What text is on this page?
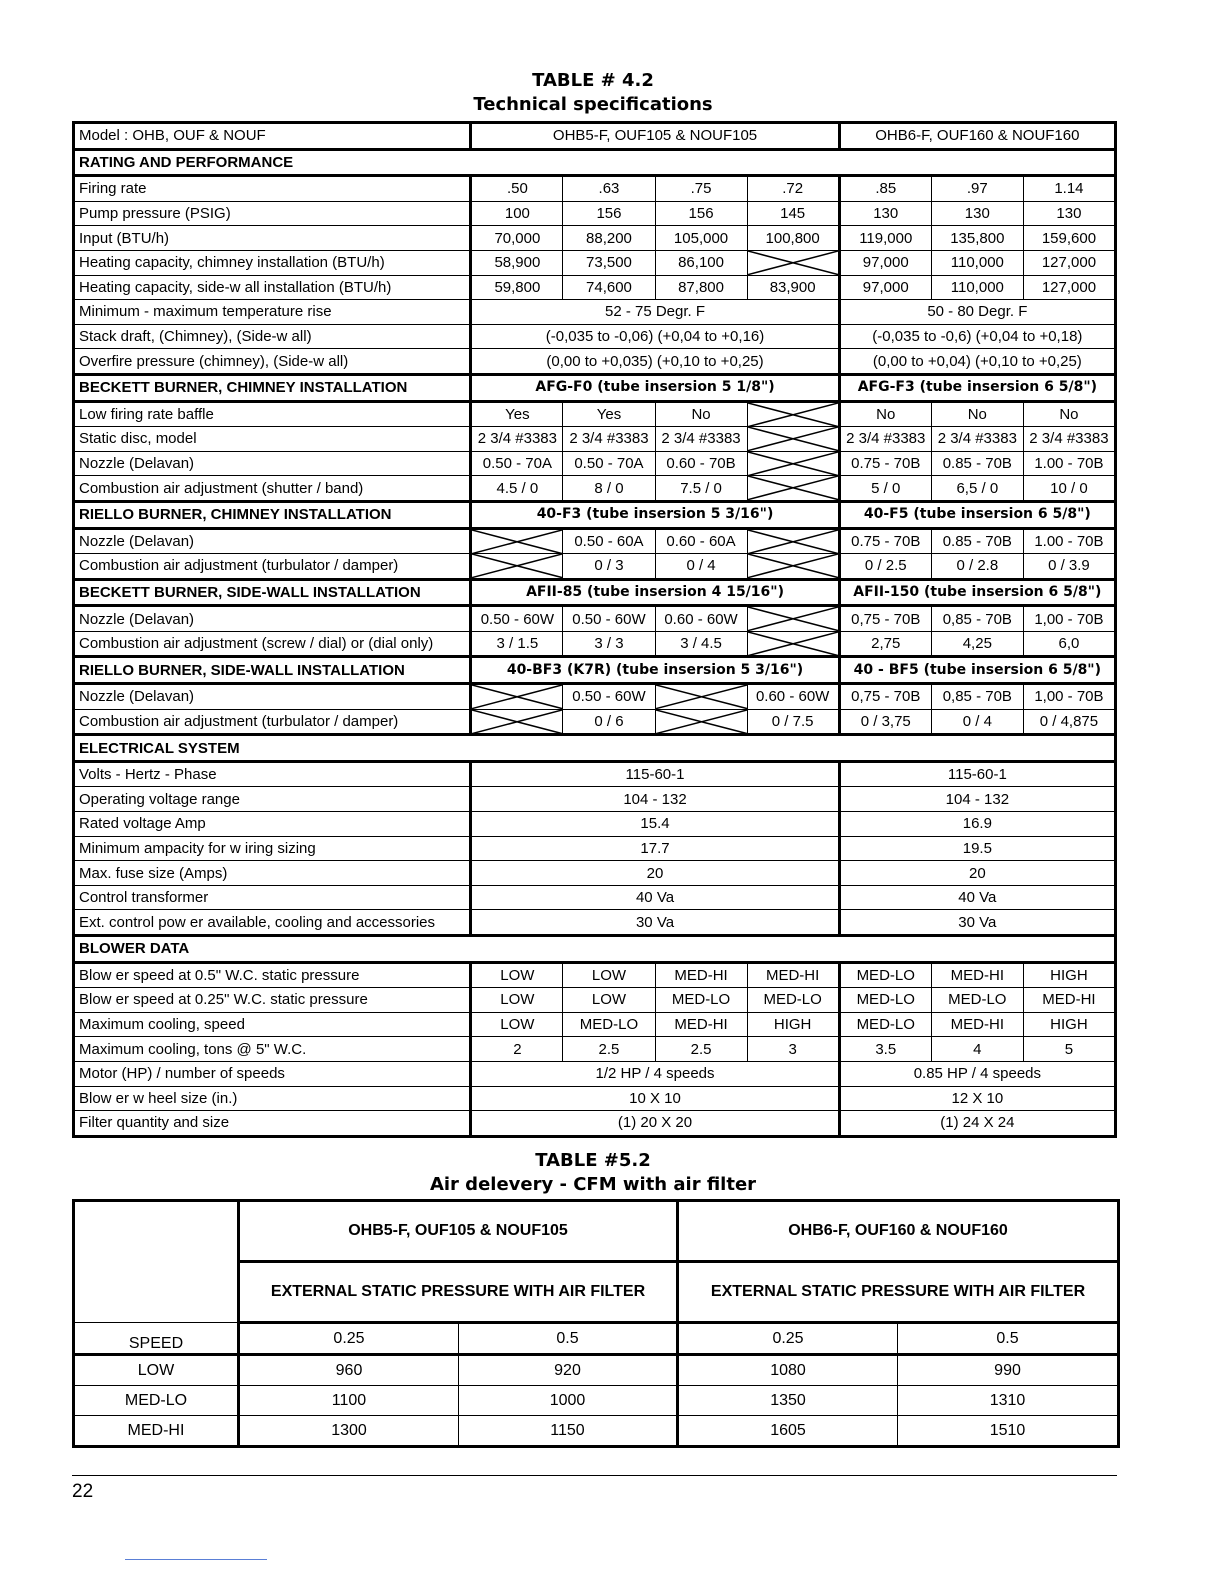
TABLE # 4.2
Technical specifications
Model : OHB, OUF & NOUF	OHB5-F, OUF105 & NOUF105				OHB6-F, OUF160 & NOUF160		
RATING AND PERFORMANCE							
Firing rate	.50	.63	.75	.72	.85	.97	1.14
Pump pressure (PSIG)	100	156	156	145	130	130	130
Input (BTU/h)	70,000	88,200	105,000	100,800	119,000	135,800	159,600
Heating capacity, chimney installation (BTU/h)	58,900	73,500	86,100		97,000	110,000	127,000
Heating capacity, side-w all installation (BTU/h)	59,800	74,600	87,800	83,900	97,000	110,000	127,000
Minimum - maximum temperature rise	52 - 75 Degr. F				50 - 80 Degr. F		
Stack draft, (Chimney), (Side-w all)	(-0,035 to -0,06) (+0,04 to +0,16)				(-0,035 to -0,6) (+0,04 to +0,18)		
Overfire pressure (chimney), (Side-w all)	(0,00 to +0,035) (+0,10 to +0,25)				(0,00 to +0,04) (+0,10 to +0,25)		
BECKETT BURNER, CHIMNEY INSTALLATION	AFG-F0 (tube insersion 5 1/8")				AFG-F3 (tube insersion 6 5/8")		
Low firing rate baffle	Yes	Yes	No		No	No	No
Static disc, model	2 3/4 #3383	2 3/4 #3383	2 3/4 #3383		2 3/4 #3383	2 3/4 #3383	2 3/4 #3383
Nozzle (Delavan)	0.50 - 70A	0.50 - 70A	0.60 - 70B		0.75 - 70B	0.85 - 70B	1.00 - 70B
Combustion air adjustment (shutter / band)	4.5 / 0	8 / 0	7.5 / 0		5 / 0	6,5 / 0	10 / 0
RIELLO BURNER, CHIMNEY INSTALLATION	40-F3 (tube insersion 5 3/16")				40-F5 (tube insersion 6 5/8")		
Nozzle (Delavan)		0.50 - 60A	0.60 - 60A		0.75 - 70B	0.85 - 70B	1.00 - 70B
Combustion air adjustment (turbulator / damper)		0 / 3	0 / 4		0 / 2.5	0 / 2.8	0 / 3.9
BECKETT BURNER, SIDE-WALL INSTALLATION	AFII-85 (tube insersion 4 15/16")				AFII-150 (tube insersion 6 5/8")		
Nozzle (Delavan)	0.50 - 60W	0.50 - 60W	0.60 - 60W		0,75 - 70B	0,85 - 70B	1,00 - 70B
Combustion air adjustment (screw / dial) or (dial only)	3 / 1.5	3 / 3	3 / 4.5		2,75	4,25	6,0
RIELLO BURNER, SIDE-WALL INSTALLATION	40-BF3 (K7R) (tube insersion 5 3/16")				40 - BF5 (tube insersion 6 5/8")		
Nozzle (Delavan)		0.50 - 60W		0.60 - 60W	0,75 - 70B	0,85 - 70B	1,00 - 70B
Combustion air adjustment (turbulator / damper)		0 / 6		0 / 7.5	0 / 3,75	0 / 4	0 / 4,875
ELECTRICAL SYSTEM							
Volts - Hertz - Phase	115-60-1				115-60-1		
Operating voltage range	104 - 132				104 - 132		
Rated voltage Amp	15.4				16.9		
Minimum ampacity for w iring sizing	17.7				19.5		
Max. fuse size (Amps)	20				20		
Control transformer	40 Va				40 Va		
Ext. control pow er available, cooling and accessories	30 Va				30 Va		
BLOWER DATA							
Blow er speed at 0.5" W.C. static pressure	LOW	LOW	MED-HI	MED-HI	MED-LO	MED-HI	HIGH
Blow er speed at 0.25" W.C. static pressure	LOW	LOW	MED-LO	MED-LO	MED-LO	MED-LO	MED-HI
Maximum cooling, speed	LOW	MED-LO	MED-HI	HIGH	MED-LO	MED-HI	HIGH
Maximum cooling, tons @ 5" W.C.	2	2.5	2.5	3	3.5	4	5
Motor (HP) / number of speeds	1/2 HP / 4 speeds				0.85 HP / 4 speeds		
Blow er w heel size (in.)	10 X 10				12 X 10		
Filter quantity and size	(1) 20 X 20				(1) 24 X 24		
TABLE #5.2
Air delevery - CFM with air filter
	OHB5-F, OUF105 & NOUF105		OHB6-F, OUF160 & NOUF160	
	EXTERNAL STATIC PRESSURE WITH AIR FILTER		EXTERNAL STATIC PRESSURE WITH AIR FILTER	
SPEED	0.25	0.5	0.25	0.5
LOW	960	920	1080	990
MED-LO	1100	1000	1350	1310
MED-HI	1300	1150	1605	1510
22
